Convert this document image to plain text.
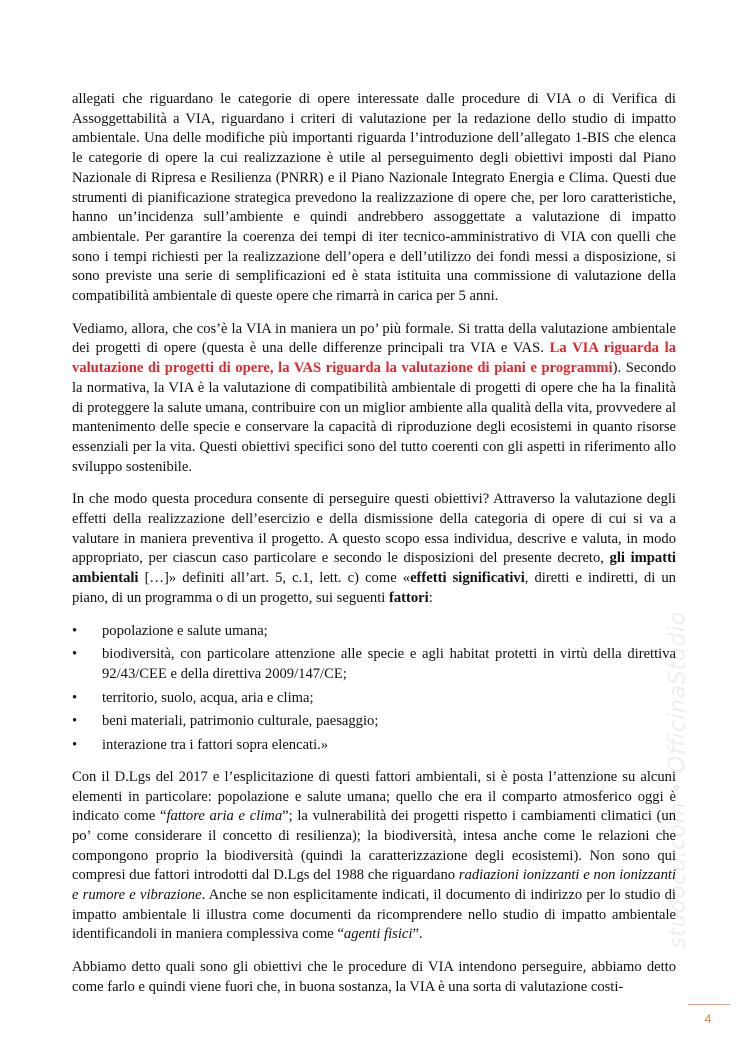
allegati che riguardano le categorie di opere interessate dalle procedure di VIA o di Verifica di Assoggettabilità a VIA, riguardano i criteri di valutazione per la redazione dello studio di impatto ambientale. Una delle modifiche più importanti riguarda l’introduzione dell’allegato 1-BIS che elenca le categorie di opere la cui realizzazione è utile al perseguimento degli obiettivi imposti dal Piano Nazionale di Ripresa e Resilienza (PNRR) e il Piano Nazionale Integrato Energia e Clima. Questi due strumenti di pianificazione strategica prevedono la realizzazione di opere che, per loro caratteristiche, hanno un’incidenza sull’ambiente e quindi andrebbero assoggettate a valutazione di impatto ambientale. Per garantire la coerenza dei tempi di iter tecnico-amministrativo di VIA con quelli che sono i tempi richiesti per la realizzazione dell’opera e dell’utilizzo dei fondi messi a disposizione, si sono previste una serie di semplificazioni ed è stata istituita una commissione di valutazione della compatibilità ambientale di queste opere che rimarrà in carica per 5 anni.

Vediamo, allora, che cos’è la VIA in maniera un po’ più formale. Si tratta della valutazione ambientale dei progetti di opere (questa è una delle differenze principali tra VIA e VAS. La VIA riguarda la valutazione di progetti di opere, la VAS riguarda la valutazione di piani e programmi). Secondo la normativa, la VIA è la valutazione di compatibilità ambientale di progetti di opere che ha la finalità di proteggere la salute umana, contribuire con un miglior ambiente alla qualità della vita, provvedere al mantenimento delle specie e conservare la capacità di riproduzione degli ecosistemi in quanto risorse essenziali per la vita. Questi obiettivi specifici sono del tutto coerenti con gli aspetti in riferimento allo sviluppo sostenibile.

In che modo questa procedura consente di perseguire questi obiettivi? Attraverso la valutazione degli effetti della realizzazione dell’esercizio e della dismissione della categoria di opere di cui si va a valutare in maniera preventiva il progetto. A questo scopo essa individua, descrive e valuta, in modo appropriato, per ciascun caso particolare e secondo le disposizioni del presente decreto, gli impatti ambientali […]» definiti all’art. 5, c.1, lett. c) come «effetti significativi, diretti e indiretti, di un piano, di un programma o di un progetto, sui seguenti fattori:

• popolazione e salute umana;
• biodiversità, con particolare attenzione alle specie e agli habitat protetti in virtù della direttiva 92/43/CEE e della direttiva 2009/147/CE;
• territorio, suolo, acqua, aria e clima;
• beni materiali, patrimonio culturale, paesaggio;
• interazione tra i fattori sopra elencati.»

Con il D.Lgs del 2017 e l’esplicitazione di questi fattori ambientali, si è posta l’attenzione su alcuni elementi in particolare: popolazione e salute umana; quello che era il comparto atmosferico oggi è indicato come “fattore aria e clima”; la vulnerabilità dei progetti rispetto i cambiamenti climatici (un po’ come considerare il concetto di resilienza); la biodiversità, intesa anche come le relazioni che compongono proprio la biodiversità (quindi la caratterizzazione degli ecosistemi). Non sono qui compresi due fattori introdotti dal D.Lgs del 1988 che riguardano radiazioni ionizzanti e non ionizzanti e rumore e vibrazione. Anche se non esplicitamente indicati, il documento di indirizzo per lo studio di impatto ambientale li illustra come documenti da ricomprendere nello studio di impatto ambientale identificandoli in maniera complessiva come “agenti fisici”.

Abbiamo detto quali sono gli obiettivi che le procedure di VIA intendono perseguire, abbiamo detto come farlo e quindi viene fuori che, in buona sostanza, la VIA è una sorta di valutazione costi-

studocu.com • OfficinaStudio
4
